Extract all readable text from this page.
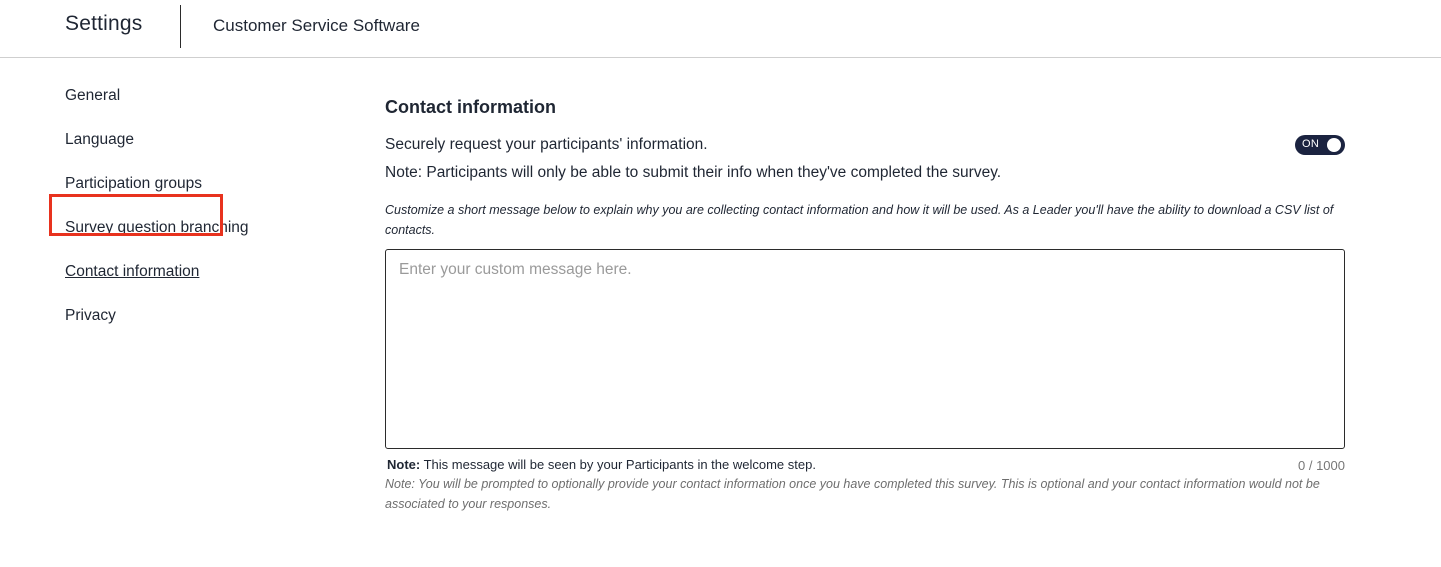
Settings	Customer Service Software
General
Language
Participation groups
Survey question branching
Contact information
Privacy
Contact information
Securely request your participants' information.	ON
Note: Participants will only be able to submit their info when they've completed the survey.
Customize a short message below to explain why you are collecting contact information and how it will be used. As a Leader you'll have the ability to download a CSV list of contacts.
Enter your custom message here.
Note: This message will be seen by your Participants in the welcome step.	0 / 1000
Note: You will be prompted to optionally provide your contact information once you have completed this survey. This is optional and your contact information would not be associated to your responses.
